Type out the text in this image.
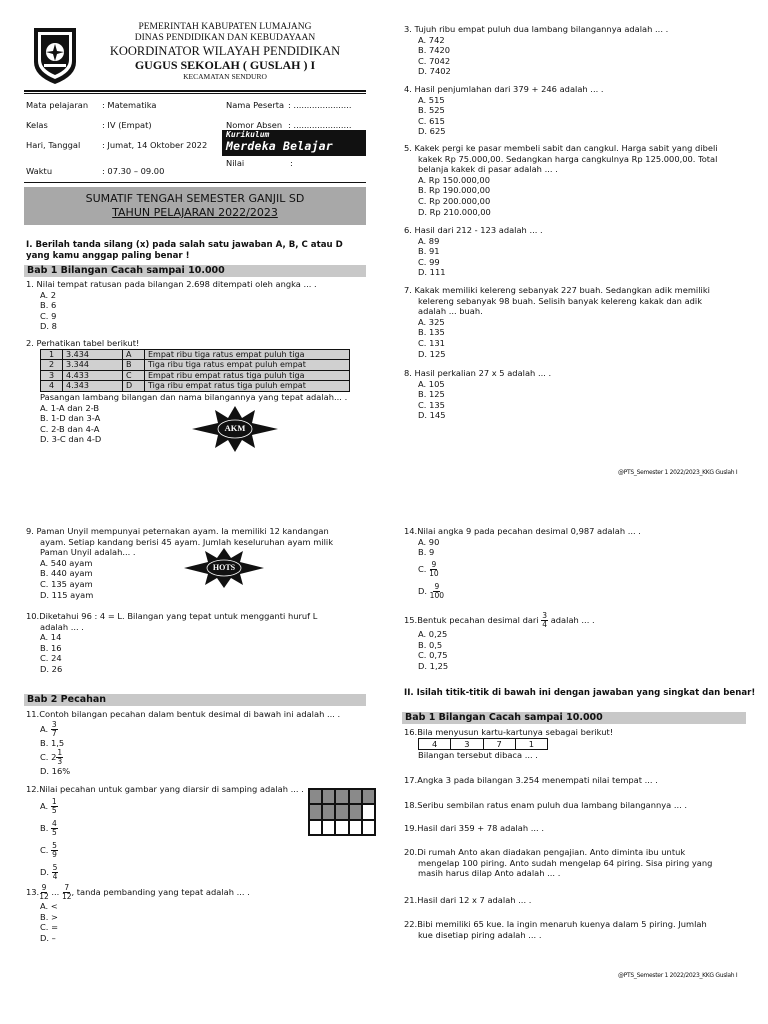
PEMERINTAH KABUPATEN LUMAJANG
DINAS PENDIDIKAN DAN KEBUDAYAAN
KOORDINATOR WILAYAH PENDIDIKAN
GUGUS SEKOLAH ( GUSLAH ) I
KECAMATAN SENDURO
Mata pelajaran : Matematika	Nama Peserta : ......................
Kelas	: IV (Empat)	Nomor Absen : ......................
Hari, Tanggal	: Jumat, 14 Oktober 2022
Waktu	: 07.30 – 09.00
Nilai	:
Kurikulum
Merdeka Belajar
SUMATIF TENGAH SEMESTER GANJIL SD
TAHUN PELAJARAN 2022/2023
I. Berilah tanda silang (x) pada salah satu jawaban A, B, C atau D yang kamu anggap paling benar !
Bab 1 Bilangan Cacah sampai 10.000
1. Nilai tempat ratusan pada bilangan 2.698 ditempati oleh angka ... .
A. 2
B. 6
C. 9
D. 8
2. Perhatikan tabel berikut!
1	3.434	A	Empat ribu tiga ratus empat puluh tiga
2	3.344	B	Tiga ribu tiga ratus empat puluh empat
3	4.433	C	Empat ribu empat ratus tiga puluh tiga
4	4.343	D	Tiga ribu empat ratus tiga puluh empat
Pasangan lambang bilangan dan nama bilangannya yang tepat adalah... .
A. 1-A dan 2-B
B. 1-D dan 3-A
C. 2-B dan 4-A
D. 3-C dan 4-D
AKM
3. Tujuh ribu empat puluh dua lambang bilangannya adalah ... .
A. 742
B. 7420
C. 7042
D. 7402
4. Hasil penjumlahan dari 379 + 246 adalah ... .
A. 515
B. 525
C. 615
D. 625
5. Kakek pergi ke pasar membeli sabit dan cangkul. Harga sabit yang dibeli
kakek Rp 75.000,00. Sedangkan harga cangkulnya Rp 125.000,00. Total
belanja kakek di pasar adalah ... .
A. Rp 150.000,00
B. Rp 190.000,00
C. Rp 200.000,00
D. Rp 210.000,00
6. Hasil dari 212 - 123 adalah ... .
A. 89
B. 91
C. 99
D. 111
7. Kakak memiliki kelereng sebanyak 227 buah. Sedangkan adik memiliki
kelereng sebanyak 98 buah. Selisih banyak kelereng kakak dan adik
adalah ... buah.
A. 325
B. 135
C. 131
D. 125
8. Hasil perkalian 27 x 5 adalah ... .
A. 105
B. 125
C. 135
D. 145
@PTS_Semester 1 2022/2023_KKG Guslah I
9. Paman Unyil mempunyai peternakan ayam. Ia memiliki 12 kandangan
ayam. Setiap kandang berisi 45 ayam. Jumlah keseluruhan ayam milik
Paman Unyil adalah... .
A. 540 ayam
B. 440 ayam
C. 135 ayam
D. 115 ayam
HOTS
10.Diketahui 96 : 4 = L. Bilangan yang tepat untuk mengganti huruf L
adalah ... .
A. 14
B. 16
C. 24
D. 26
Bab 2 Pecahan
11.Contoh bilangan pecahan dalam bentuk desimal di bawah ini adalah ... .
A. $\frac{3}{7}$
B. 1,5
C. $2 \frac{1}{3}$
D. 16%
12.Nilai pecahan untuk gambar yang diarsir di samping adalah ... .
A. $\frac{1}{5}$
B. $\frac{4}{5}$
C. $\frac{5}{9}$
D. $\frac{5}{4}$
13. $\frac{9}{12}$ ... $\frac{7}{12}$ , tanda pembanding yang tepat adalah ... .
A. <
B. >
C. =
D. –
14.Nilai angka 9 pada pecahan desimal 0,987 adalah ... .
A. 90
B. 9
C. $\frac{9}{10}$
D. $\frac{9}{100}$
15.Bentuk pecahan desimal dari $\frac{3}{4}$ adalah ... .
A. 0,25
B. 0,5
C. 0,75
D. 1,25
II. Isilah titik-titik di bawah ini dengan jawaban yang singkat dan benar!
Bab 1 Bilangan Cacah sampai 10.000
16.Bila menyusun kartu-kartunya sebagai berikut!
4	3	7	1
Bilangan tersebut dibaca ... .
17.Angka 3 pada bilangan 3.254 menempati nilai tempat ... .
18.Seribu sembilan ratus enam puluh dua lambang bilangannya ... .
19.Hasil dari 359 + 78 adalah ... .
20.Di rumah Anto akan diadakan pengajian. Anto diminta ibu untuk
mengelap 100 piring. Anto sudah mengelap 64 piring. Sisa piring yang
masih harus dilap Anto adalah ... .
21.Hasil dari 12 x 7 adalah ... .
22.Bibi memiliki 65 kue. Ia ingin menaruh kuenya dalam 5 piring. Jumlah
kue disetiap piring adalah ... .
@PTS_Semester 1 2022/2023_KKG Guslah I
